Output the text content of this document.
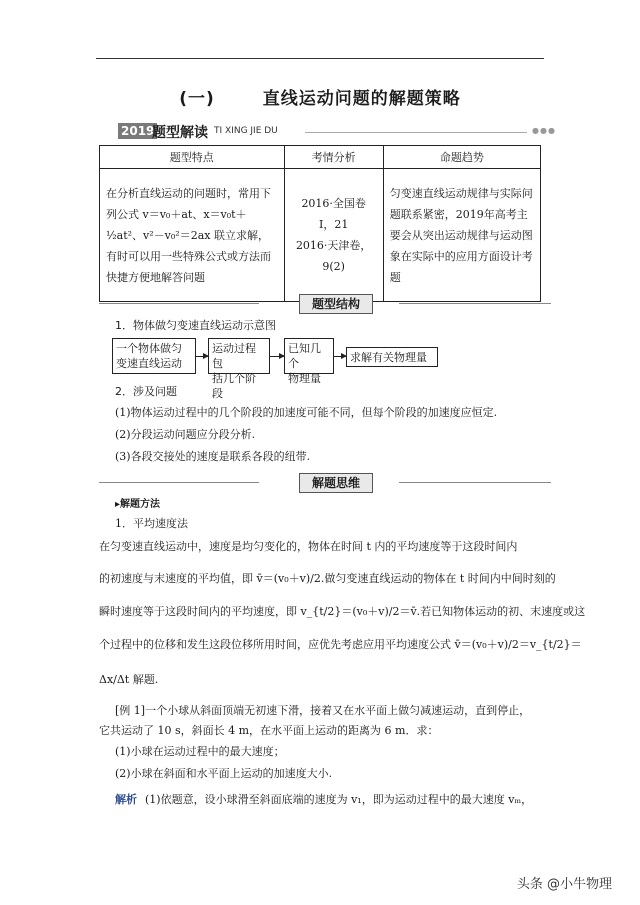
(一)	直线运动问题的解题策略
2019
题型解读 TI XING JIE DU	●●●
题型特点	考情分析	命题趋势
在分析直线运动的问题时，常用下列公式 v＝v₀＋at、x＝v₀t＋½at²、v²－v₀²＝2ax 联立求解，有时可以用一些特殊公式或方法而快捷方便地解答问题	2016·全国卷
Ⅰ，21
2016·天津卷，
9(2)	匀变速直线运动规律与实际问题联系紧密，2019年高考主要会从突出运动规律与运动图象在实际中的应用方面设计考题
题型结构
1．物体做匀变速直线运动示意图
一个物体做匀
变速直线运动
运动过程包
括几个阶段
已知几个
物理量
求解有关物理量
2．涉及问题
(1)物体运动过程中的几个阶段的加速度可能不同，但每个阶段的加速度应恒定.
(2)分段运动问题应分段分析.
(3)各段交接处的速度是联系各段的纽带.
解题思维
▸解题方法
1．平均速度法
在匀变速直线运动中，速度是均匀变化的，物体在时间 t 内的平均速度等于这段时间内
的初速度与末速度的平均值，即 v̄＝(v₀＋v)/2.做匀变速直线运动的物体在 t 时间内中间时刻的
瞬时速度等于这段时间内的平均速度，即 v_{t/2}＝(v₀＋v)/2＝v̄.若已知物体运动的初、末速度或这
个过程中的位移和发生这段位移所用时间，应优先考虑应用平均速度公式 v̄＝(v₀＋v)/2＝v_{t/2}＝
Δx/Δt 解题.
[例 1]一个小球从斜面顶端无初速下滑，接着又在水平面上做匀减速运动，直到停止，
它共运动了 10 s，斜面长 4 m，在水平面上运动的距离为 6 m．求：
(1)小球在运动过程中的最大速度；
(2)小球在斜面和水平面上运动的加速度大小.
解析 (1)依题意，设小球滑至斜面底端的速度为 v₁，即为运动过程中的最大速度 vₘ，
头条 @小牛物理
